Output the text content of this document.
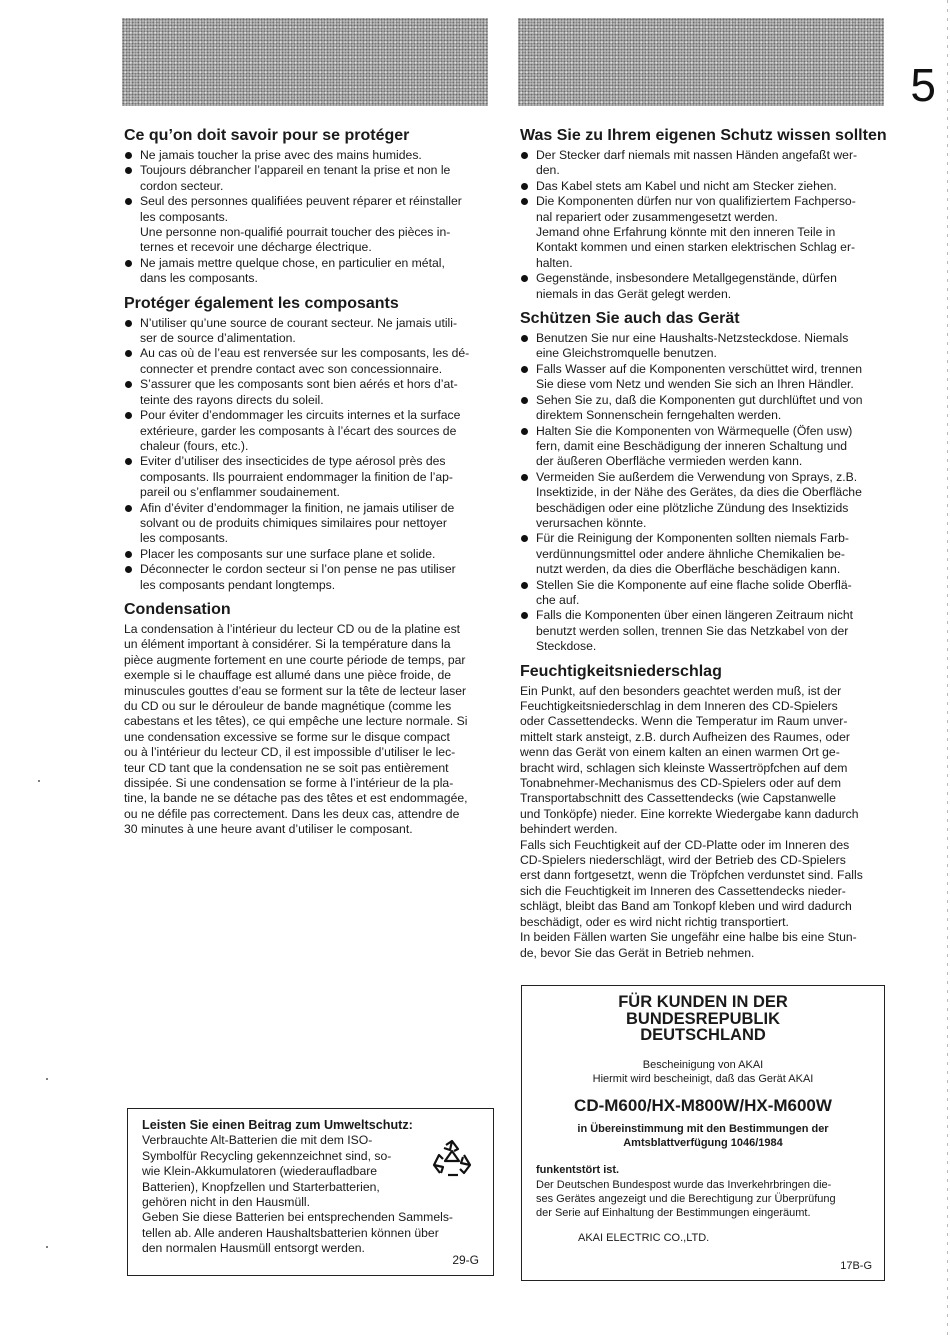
5
Ce qu’on doit savoir pour se protéger
Ne jamais toucher la prise avec des mains humides.
Toujours débrancher l’appareil en tenant la prise et non le
cordon secteur.
Seul des personnes qualifiées peuvent réparer et réinstaller
les composants.
Une personne non-qualifié pourrait toucher des pièces in-
ternes et recevoir une décharge électrique.
Ne jamais mettre quelque chose, en particulier en métal,
dans les composants.
Protéger également les composants
N’utiliser qu’une source de courant secteur. Ne jamais utili-
ser de source d’alimentation.
Au cas où de l’eau est renversée sur les composants, les dé-
connecter et prendre contact avec son concessionnaire.
S’assurer que les composants sont bien aérés et hors d’at-
teinte des rayons directs du soleil.
Pour éviter d’endommager les circuits internes et la surface
extérieure, garder les composants à l’écart des sources de
chaleur (fours, etc.).
Eviter d’utiliser des insecticides de type aérosol près des
composants. Ils pourraient endommager la finition de l’ap-
pareil ou s’enflammer soudainement.
Afin d’éviter d’endommager la finition, ne jamais utiliser de
solvant ou de produits chimiques similaires pour nettoyer
les composants.
Placer les composants sur une surface plane et solide.
Déconnecter le cordon secteur si l’on pense ne pas utiliser
les composants pendant longtemps.
Condensation
La condensation à l’intérieur du lecteur CD ou de la platine est
un élément important à considérer. Si la température dans la
pièce augmente fortement en une courte période de temps, par
exemple si le chauffage est allumé dans une pièce froide, de
minuscules gouttes d’eau se forment sur la tête de lecteur laser
du CD ou sur le dérouleur de bande magnétique (comme les
cabestans et les têtes), ce qui empêche une lecture normale. Si
une condensation excessive se forme sur le disque compact
ou à l’intérieur du lecteur CD, il est impossible d’utiliser le lec-
teur CD tant que la condensation ne se soit pas entièrement
dissipée. Si une condensation se forme à l’intérieur de la pla-
tine, la bande ne se détache pas des têtes et est endommagée,
ou ne défile pas correctement. Dans les deux cas, attendre de
30 minutes à une heure avant d’utiliser le composant.
Was Sie zu Ihrem eigenen Schutz wissen sollten
Der Stecker darf niemals mit nassen Händen angefaßt wer-
den.
Das Kabel stets am Kabel und nicht am Stecker ziehen.
Die Komponenten dürfen nur von qualifiziertem Fachperso-
nal repariert oder zusammengesetzt werden.
Jemand ohne Erfahrung könnte mit den inneren Teile in
Kontakt kommen und einen starken elektrischen Schlag er-
halten.
Gegenstände, insbesondere Metallgegenstände, dürfen
niemals in das Gerät gelegt werden.
Schützen Sie auch das Gerät
Benutzen Sie nur eine Haushalts-Netzsteckdose. Niemals
eine Gleichstromquelle benutzen.
Falls Wasser auf die Komponenten verschüttet wird, trennen
Sie diese vom Netz und wenden Sie sich an Ihren Händler.
Sehen Sie zu, daß die Komponenten gut durchlüftet und von
direktem Sonnenschein ferngehalten werden.
Halten Sie die Komponenten von Wärmequelle (Öfen usw)
fern, damit eine Beschädigung der inneren Schaltung und
der äußeren Oberfläche vermieden werden kann.
Vermeiden Sie außerdem die Verwendung von Sprays, z.B.
Insektizide, in der Nähe des Gerätes, da dies die Oberfläche
beschädigen oder eine plötzliche Zündung des Insektizids
verursachen könnte.
Für die Reinigung der Komponenten sollten niemals Farb-
verdünnungsmittel oder andere ähnliche Chemikalien be-
nutzt werden, da dies die Oberfläche beschädigen kann.
Stellen Sie die Komponente auf eine flache solide Oberflä-
che auf.
Falls die Komponenten über einen längeren Zeitraum nicht
benutzt werden sollen, trennen Sie das Netzkabel von der
Steckdose.
Feuchtigkeitsniederschlag
Ein Punkt, auf den besonders geachtet werden muß, ist der
Feuchtigkeitsniederschlag in dem Inneren des CD-Spielers
oder Cassettendecks. Wenn die Temperatur im Raum unver-
mittelt stark ansteigt, z.B. durch Aufheizen des Raumes, oder
wenn das Gerät von einem kalten an einen warmen Ort ge-
bracht wird, schlagen sich kleinste Wassertröpfchen auf dem
Tonabnehmer-Mechanismus des CD-Spielers oder auf dem
Transportabschnitt des Cassettendecks (wie Capstanwelle
und Tonköpfe) nieder. Eine korrekte Wiedergabe kann dadurch
behindert werden.
Falls sich Feuchtigkeit auf der CD-Platte oder im Inneren des
CD-Spielers niederschlägt, wird der Betrieb des CD-Spielers
erst dann fortgesetzt, wenn die Tröpfchen verdunstet sind. Falls
sich die Feuchtigkeit im Inneren des Cassettendecks nieder-
schlägt, bleibt das Band am Tonkopf kleben und wird dadurch
beschädigt, oder es wird nicht richtig transportiert.
In beiden Fällen warten Sie ungefähr eine halbe bis eine Stun-
de, bevor Sie das Gerät in Betrieb nehmen.
Leisten Sie einen Beitrag zum Umweltschutz:
Verbrauchte Alt-Batterien die mit dem ISO-
Symbolfür Recycling gekennzeichnet sind, so-
wie Klein-Akkumulatoren (wiederaufladbare
Batterien), Knopfzellen und Starterbatterien,
gehören nicht in den Hausmüll.
Geben Sie diese Batterien bei entsprechenden Sammels-
tellen ab. Alle anderen Haushaltsbatterien können über
den normalen Hausmüll entsorgt werden.
29-G
FÜR KUNDEN IN DER
BUNDESREPUBLIK
DEUTSCHLAND
Bescheinigung von AKAI
Hiermit wird bescheinigt, daß das Gerät AKAI
CD-M600/HX-M800W/HX-M600W
in Übereinstimmung mit den Bestimmungen der
Amtsblattverfügung 1046/1984
funkentstört ist.
Der Deutschen Bundespost wurde das Inverkehrbringen die-
ses Gerätes angezeigt und die Berechtigung zur Überprüfung
der Serie auf Einhaltung der Bestimmungen eingeräumt.
AKAI ELECTRIC CO.,LTD.
17B-G
